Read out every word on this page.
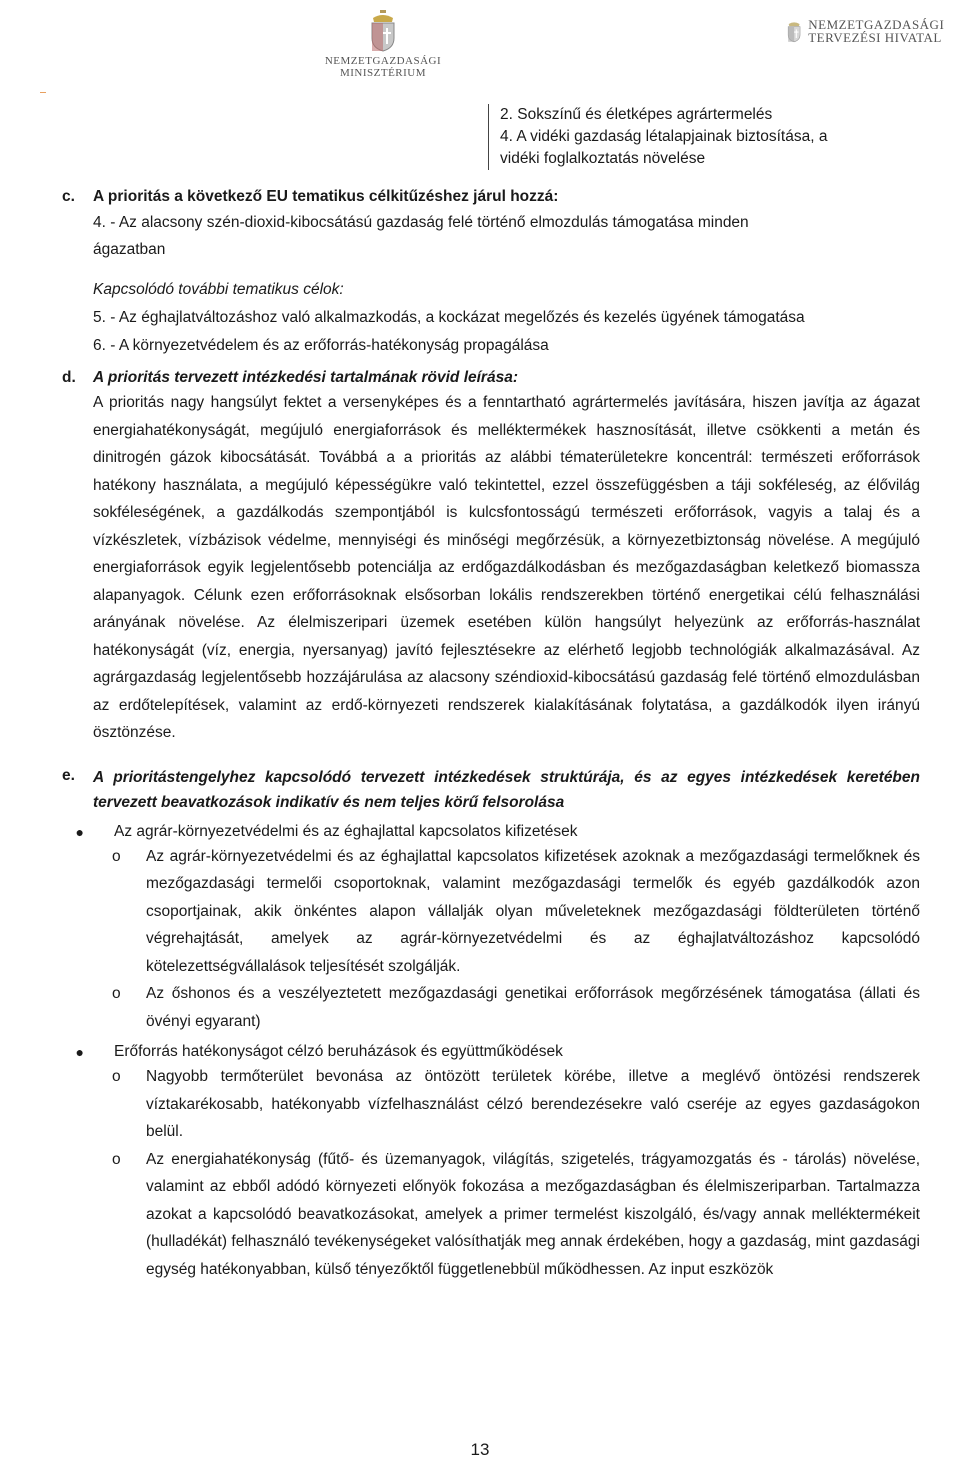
NEMZETGAZDASÁGI MINISZTÉRIUM
NEMZETGAZDASÁGI TERVEZÉSI HIVATAL
2. Sokszínű és életképes agrártermelés
4. A vidéki gazdaság létalapjainak biztosítása, a
vidéki foglalkoztatás növelése
c.	A prioritás a következő EU tematikus célkitűzéshez járul hozzá:
4. - Az alacsony szén-dioxid-kibocsátású gazdaság felé történő elmozdulás támogatása minden
ágazatban
Kapcsolódó további tematikus célok:
5. - Az éghajlatváltozáshoz való alkalmazkodás, a kockázat megelőzés és kezelés ügyének támogatása
6. - A környezetvédelem és az erőforrás-hatékonyság propagálása
d.	A prioritás tervezett intézkedési tartalmának rövid leírása:
A prioritás nagy hangsúlyt fektet a versenyképes és a fenntartható agrártermelés javítására, hiszen javítja az ágazat energiahatékonyságát, megújuló energiaforrások és melléktermékek hasznosítását, illetve csökkenti a metán és dinitrogén gázok kibocsátását. Továbbá a a prioritás az alábbi tématerületekre koncentrál: természeti erőforrások hatékony használata, a megújuló képességükre való tekintettel, ezzel összefüggésben a táji sokféleség, az élővilág sokféleségének, a gazdálkodás szempontjából is kulcsfontosságú természeti erőforrások, vagyis a talaj és a vízkészletek, vízbázisok védelme, mennyiségi és minőségi megőrzésük, a környezetbiztonság növelése. A megújuló energiaforrások egyik legjelentősebb potenciálja az erdőgazdálkodásban és mezőgazdaságban keletkező biomassza alapanyagok. Célunk ezen erőforrásoknak elsősorban lokális rendszerekben történő energetikai célú felhasználási arányának növelése. Az élelmiszeripari üzemek esetében külön hangsúlyt helyezünk az erőforrás-használat hatékonyságát (víz, energia, nyersanyag) javító fejlesztésekre az elérhető legjobb technológiák alkalmazásával. Az agrárgazdaság legjelentősebb hozzájárulása az alacsony széndioxid-kibocsátású gazdaság felé történő elmozdulásban az erdőtelepítések, valamint az erdő-környezeti rendszerek kialakításának folytatása, a gazdálkodók ilyen irányú ösztönzése.
e.	A prioritástengelyhez kapcsolódó tervezett intézkedések struktúrája, és az egyes intézkedések keretében tervezett beavatkozások indikatív és nem teljes körű felsorolása
●	Az agrár-környezetvédelmi és az éghajlattal kapcsolatos kifizetések
o	Az agrár-környezetvédelmi és az éghajlattal kapcsolatos kifizetések azoknak a mezőgazdasági termelőknek és mezőgazdasági termelői csoportoknak, valamint mezőgazdasági termelők és egyéb gazdálkodók azon csoportjainak, akik önkéntes alapon vállalják olyan műveleteknek mezőgazdasági földterületen történő végrehajtását, amelyek az agrár-környezetvédelmi és az éghajlatváltozáshoz kapcsolódó kötelezettségvállalások teljesítését szolgálják.
o	Az őshonos és a veszélyeztetett mezőgazdasági genetikai erőforrások megőrzésének támogatása (állati és övényi egyarant)
●	Erőforrás hatékonyságot célzó beruházások és együttműködések
o	Nagyobb termőterület bevonása az öntözött területek körébe, illetve a meglévő öntözési rendszerek víztakarékosabb, hatékonyabb vízfelhasználást célzó berendezésekre való cseréje az egyes gazdaságokon belül.
o	Az energiahatékonyság (fűtő- és üzemanyagok, világítás, szigetelés, trágyamozgatás és - tárolás) növelése, valamint az ebből adódó környezeti előnyök fokozása a mezőgazdaságban és élelmiszeriparban. Tartalmazza azokat a kapcsolódó beavatkozásokat, amelyek a primer termelést kiszolgáló, és/vagy annak melléktermékeit (hulladékát) felhasználó tevékenységeket valósíthatják meg annak érdekében, hogy a gazdaság, mint gazdasági egység hatékonyabban, külső tényezőktől függetlenebbül működhessen. Az input eszközök
13
